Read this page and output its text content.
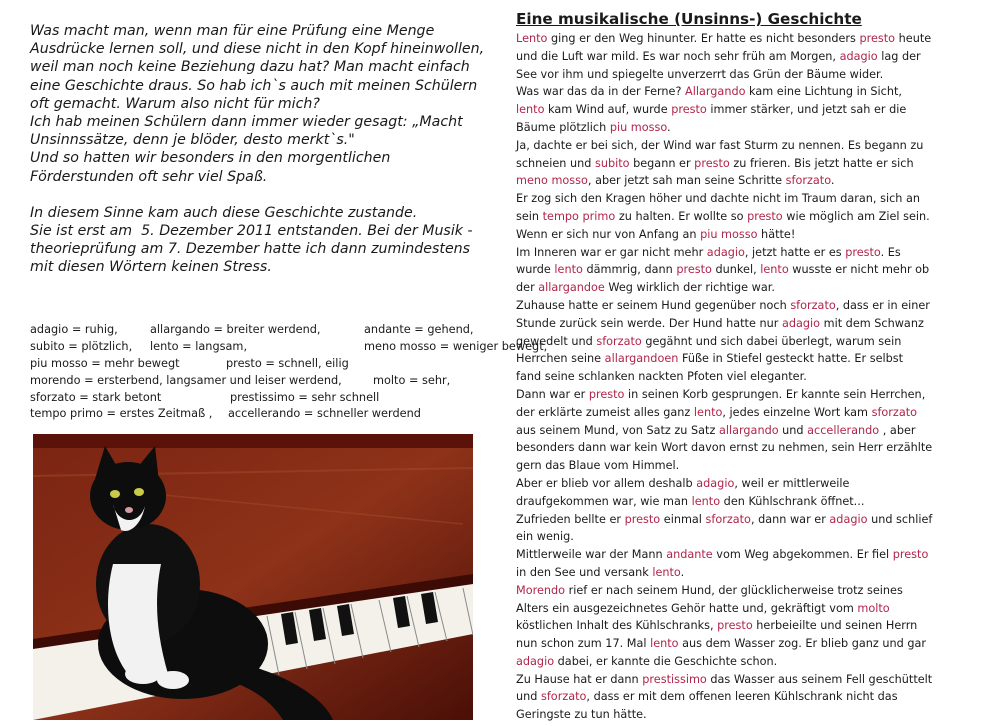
Was macht man, wenn man für eine Prüfung eine Menge

Ausdrücke lernen soll, und diese nicht in den Kopf hineinwollen,

weil man noch keine Beziehung dazu hat? Man macht einfach

eine Geschichte draus. So hab ich`s auch mit meinen Schülern

oft gemacht. Warum also nicht für mich?

Ich hab meinen Schülern dann immer wieder gesagt: „Macht

Unsinnssätze, denn je blöder, desto merkt`s."

Und so hatten wir besonders in den morgentlichen

Förderstunden oft sehr viel Spaß.

In diesem Sinne kam auch diese Geschichte zustande.

Sie ist erst am  5. Dezember 2011 entstanden. Bei der Musik -

theorieprüfung am 7. Dezember hatte ich dann zumindestens

mit diesen Wörtern keinen Stress.

adagio = ruhig,	allargando = breiter werdend,	andante = gehend,
subito = plötzlich, lento = langsam,	meno mosso = weniger bewegt,
piu mosso = mehr bewegt	presto = schnell, eilig
morendo = ersterbend, langsamer und leiser werdend,	molto = sehr,
sforzato = stark betont	prestissimo = sehr schnell
tempo primo = erstes Zeitmaß , accellerando = schneller werdend
Eine musikalische (Unsinns-) Geschichte
Lento ging er den Weg hinunter. Er hatte es nicht besonders presto heute
und die Luft war mild. Es war noch sehr früh am Morgen, adagio lag der
See vor ihm und spiegelte unverzerrt das Grün der Bäume wider.
Was war das da in der Ferne? Allargando kam eine Lichtung in Sicht,
lento kam Wind auf, wurde presto immer stärker, und jetzt sah er die
Bäume plötzlich piu mosso.
Ja, dachte er bei sich, der Wind war fast Sturm zu nennen. Es begann zu
schneien und subito begann er presto zu frieren. Bis jetzt hatte er sich
meno mosso, aber jetzt sah man seine Schritte sforzato.
Er zog sich den Kragen höher und dachte nicht im Traum daran, sich an
sein tempo primo zu halten. Er wollte so presto wie möglich am Ziel sein.
Wenn er sich nur von Anfang an piu mosso hätte!
Im Inneren war er gar nicht mehr adagio, jetzt hatte er es presto. Es
wurde lento dämmrig, dann presto dunkel, lento wusste er nicht mehr ob
der allargandoe Weg wirklich der richtige war.
Zuhause hatte er seinem Hund gegenüber noch sforzato, dass er in einer
Stunde zurück sein werde. Der Hund hatte nur adagio mit dem Schwanz
gewedelt und sforzato gegähnt und sich dabei überlegt, warum sein
Herrchen seine allargandoen Füße in Stiefel gesteckt hatte. Er selbst
fand seine schlanken nackten Pfoten viel eleganter.
Dann war er presto in seinen Korb gesprungen. Er kannte sein Herrchen,
der erklärte zumeist alles ganz lento, jedes einzelne Wort kam sforzato
aus seinem Mund, von Satz zu Satz allargando und accellerando , aber
besonders dann war kein Wort davon ernst zu nehmen, sein Herr erzählte
gern das Blaue vom Himmel.
Aber er blieb vor allem deshalb adagio, weil er mittlerweile
draufgekommen war, wie man lento den Kühlschrank öffnet...
Zufrieden bellte er presto einmal sforzato, dann war er adagio und schlief
ein wenig.
Mittlerweile war der Mann andante vom Weg abgekommen. Er fiel presto
in den See und versank lento.
Morendo rief er nach seinem Hund, der glücklicherweise trotz seines
Alters ein ausgezeichnetes Gehör hatte und, gekräftigt vom molto
köstlichen Inhalt des Kühlschranks, presto herbeieilte und seinen Herrn
nun schon zum 17. Mal lento aus dem Wasser zog. Er blieb ganz und gar
adagio dabei, er kannte die Geschichte schon.
Zu Hause hat er dann prestissimo das Wasser aus seinem Fell geschüttelt
und sforzato, dass er mit dem offenen leeren Kühlschrank nicht das
Geringste zu tun hätte.
